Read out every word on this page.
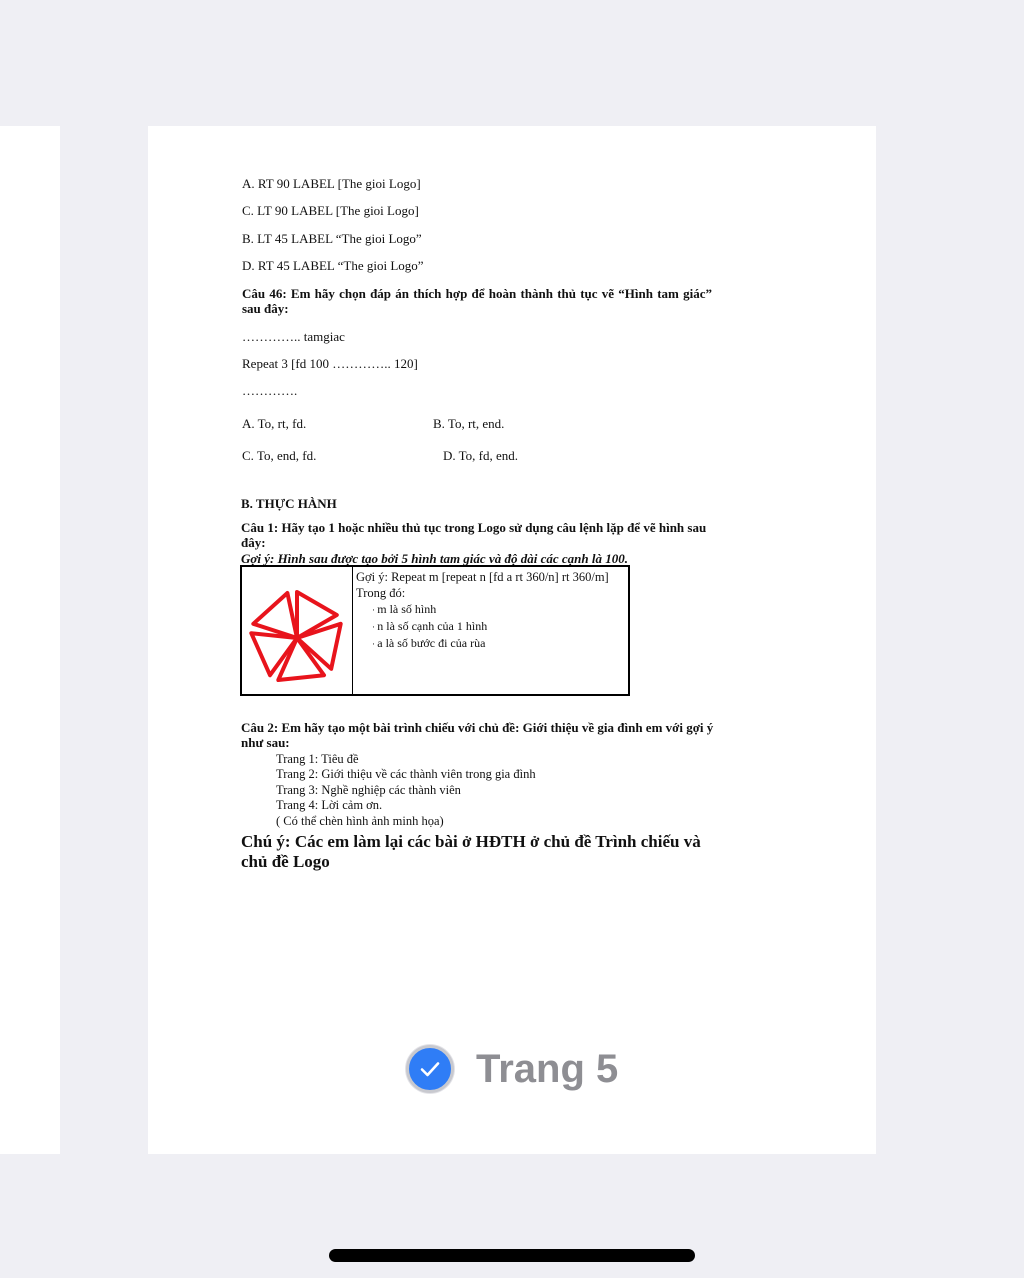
A. RT 90 LABEL [The gioi Logo]
C. LT 90 LABEL [The gioi Logo]
B. LT 45 LABEL “The gioi Logo”
D. RT 45 LABEL “The gioi Logo”
Câu 46: Em hãy chọn đáp án thích hợp để hoàn thành thủ tục vẽ “Hình tam giác” sau đây:
………….. tamgiac
Repeat 3 [fd 100 ………….. 120]
………….
A. To, rt, fd.	B. To, rt, end.
C. To, end, fd.	D. To, fd, end.
B. THỰC HÀNH
Câu 1: Hãy tạo 1 hoặc nhiều thủ tục trong Logo sử dụng câu lệnh lặp để vẽ hình sau đây:
Gợi ý: Hình sau được tạo bởi 5 hình tam giác và độ dài các cạnh là 100.
Gợi ý: Repeat m [repeat n [fd a rt 360/n] rt 360/m]
Trong đó:
· m là số hình
· n là số cạnh của 1 hình
· a là số bước đi của rùa
Câu 2: Em hãy tạo một bài trình chiếu với chủ đề: Giới thiệu về gia đình em với gợi ý như sau:
Trang 1: Tiêu đề
Trang 2: Giới thiệu về các thành viên trong gia đình
Trang 3: Nghề nghiệp các thành viên
Trang 4: Lời cảm ơn.
( Có thể chèn hình ảnh minh họa)
Chú ý: Các em làm lại các bài ở HĐTH ở chủ đề Trình chiếu và chủ đề Logo
Trang 5
